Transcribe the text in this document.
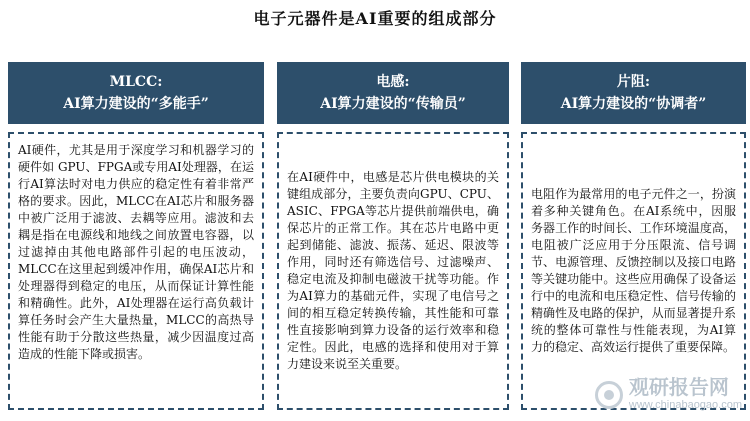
电子元器件是AI重要的组成部分
MLCC:
AI算力建设的“多能手”

AI硬件，尤其是用于深度学习和机器学习的硬件如 GPU、FPGA或专用AI处理器，在运行AI算法时对电力供应的稳定性有着非常严格的要求。因此，MLCC在AI芯片和服务器中被广泛用于滤波、去耦等应用。滤波和去耦是指在电源线和地线之间放置电容器，以过滤掉由其他电路部件引起的电压波动，MLCC在这里起到缓冲作用，确保AI芯片和处理器得到稳定的电压，从而保证计算性能和精确性。此外，AI处理器在运行高负载计算任务时会产生大量热量，MLCC的高热导性能有助于分散这些热量，减少因温度过高造成的性能下降或损害。

电感:
AI算力建设的“传输员”

在AI硬件中，电感是芯片供电模块的关键组成部分，主要负责向GPU、CPU、ASIC、FPGA等芯片提供前端供电，确保芯片的正常工作。其在芯片电路中更起到储能、滤波、振荡、延迟、限波等作用，同时还有筛选信号、过滤噪声、稳定电流及抑制电磁波干扰等功能。作为AI算力的基础元件，实现了电信号之间的相互稳定转换传输，其性能和可靠性直接影响到算力设备的运行效率和稳定性。因此，电感的选择和使用对于算力建设来说至关重要。

片阻:
AI算力建设的“协调者”

电阻作为最常用的电子元件之一，扮演着多种关键角色。在AI系统中，因服务器工作的时间长、工作环境温度高，电阻被广泛应用于分压限流、信号调节、电源管理、反馈控制以及接口电路等关键功能中。这些应用确保了设备运行中的电流和电压稳定性、信号传输的精确性及电路的保护，从而显著提升系统的整体可靠性与性能表现，为AI算力的稳定、高效运行提供了重要保障。

观研报告网
www.chinabaogao.com
